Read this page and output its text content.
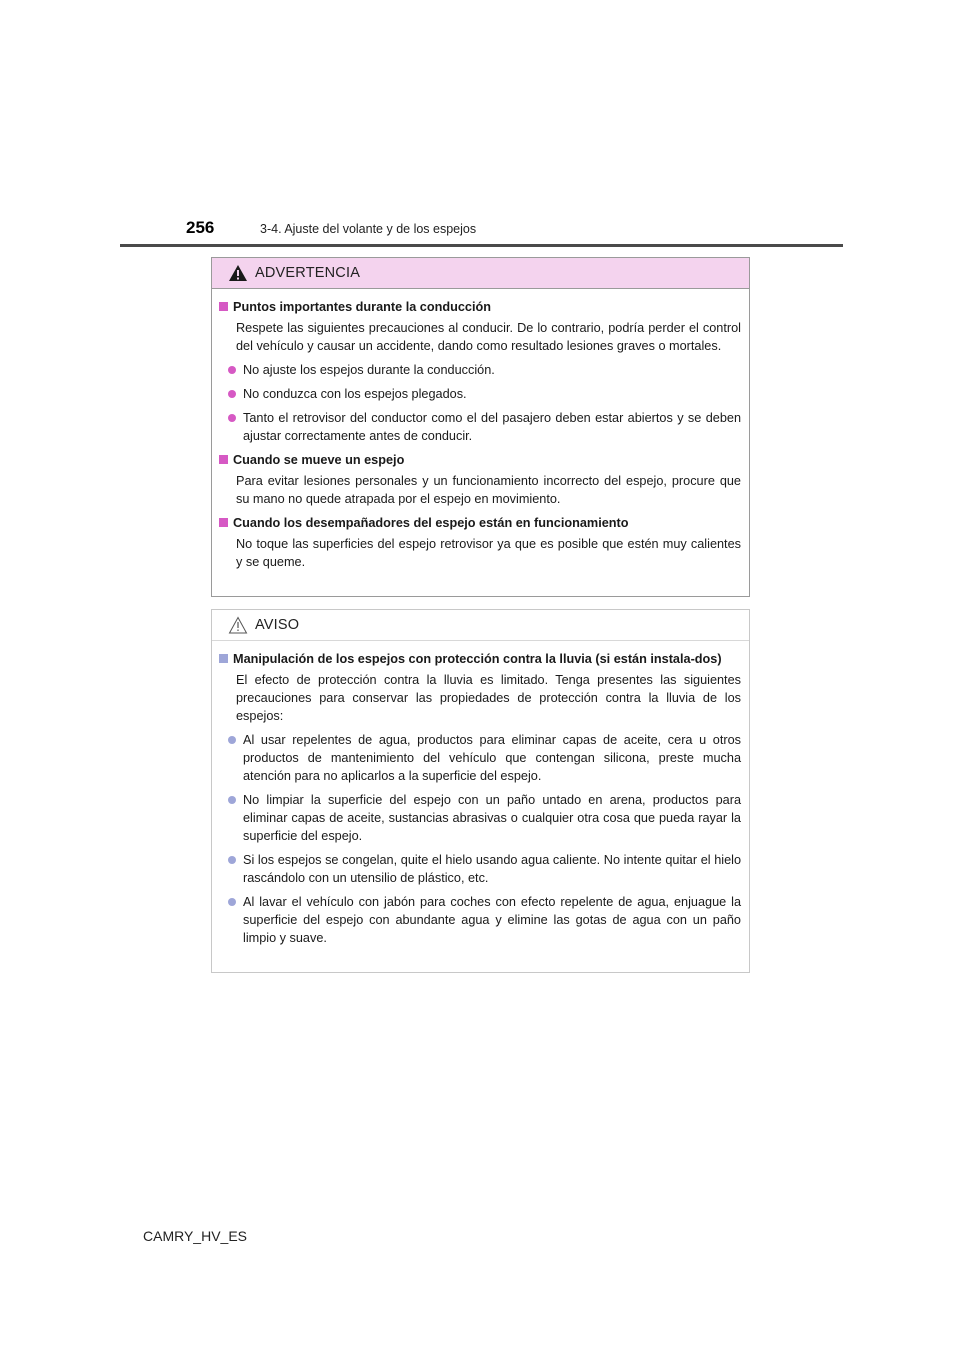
256	3-4. Ajuste del volante y de los espejos
ADVERTENCIA
Puntos importantes durante la conducción
Respete las siguientes precauciones al conducir. De lo contrario, podría perder el control del vehículo y causar un accidente, dando como resultado lesiones graves o mortales.
No ajuste los espejos durante la conducción.
No conduzca con los espejos plegados.
Tanto el retrovisor del conductor como el del pasajero deben estar abiertos y se deben ajustar correctamente antes de conducir.
Cuando se mueve un espejo
Para evitar lesiones personales y un funcionamiento incorrecto del espejo, procure que su mano no quede atrapada por el espejo en movimiento.
Cuando los desempañadores del espejo están en funcionamiento
No toque las superficies del espejo retrovisor ya que es posible que estén muy calientes y se queme.
AVISO
Manipulación de los espejos con protección contra la lluvia (si están instala-dos)
El efecto de protección contra la lluvia es limitado. Tenga presentes las siguientes precauciones para conservar las propiedades de protección contra la lluvia de los espejos:
Al usar repelentes de agua, productos para eliminar capas de aceite, cera u otros productos de mantenimiento del vehículo que contengan silicona, preste mucha atención para no aplicarlos a la superficie del espejo.
No limpiar la superficie del espejo con un paño untado en arena, productos para eliminar capas de aceite, sustancias abrasivas o cualquier otra cosa que pueda rayar la superficie del espejo.
Si los espejos se congelan, quite el hielo usando agua caliente. No intente quitar el hielo rascándolo con un utensilio de plástico, etc.
Al lavar el vehículo con jabón para coches con efecto repelente de agua, enjuague la superficie del espejo con abundante agua y elimine las gotas de agua con un paño limpio y suave.
CAMRY_HV_ES
